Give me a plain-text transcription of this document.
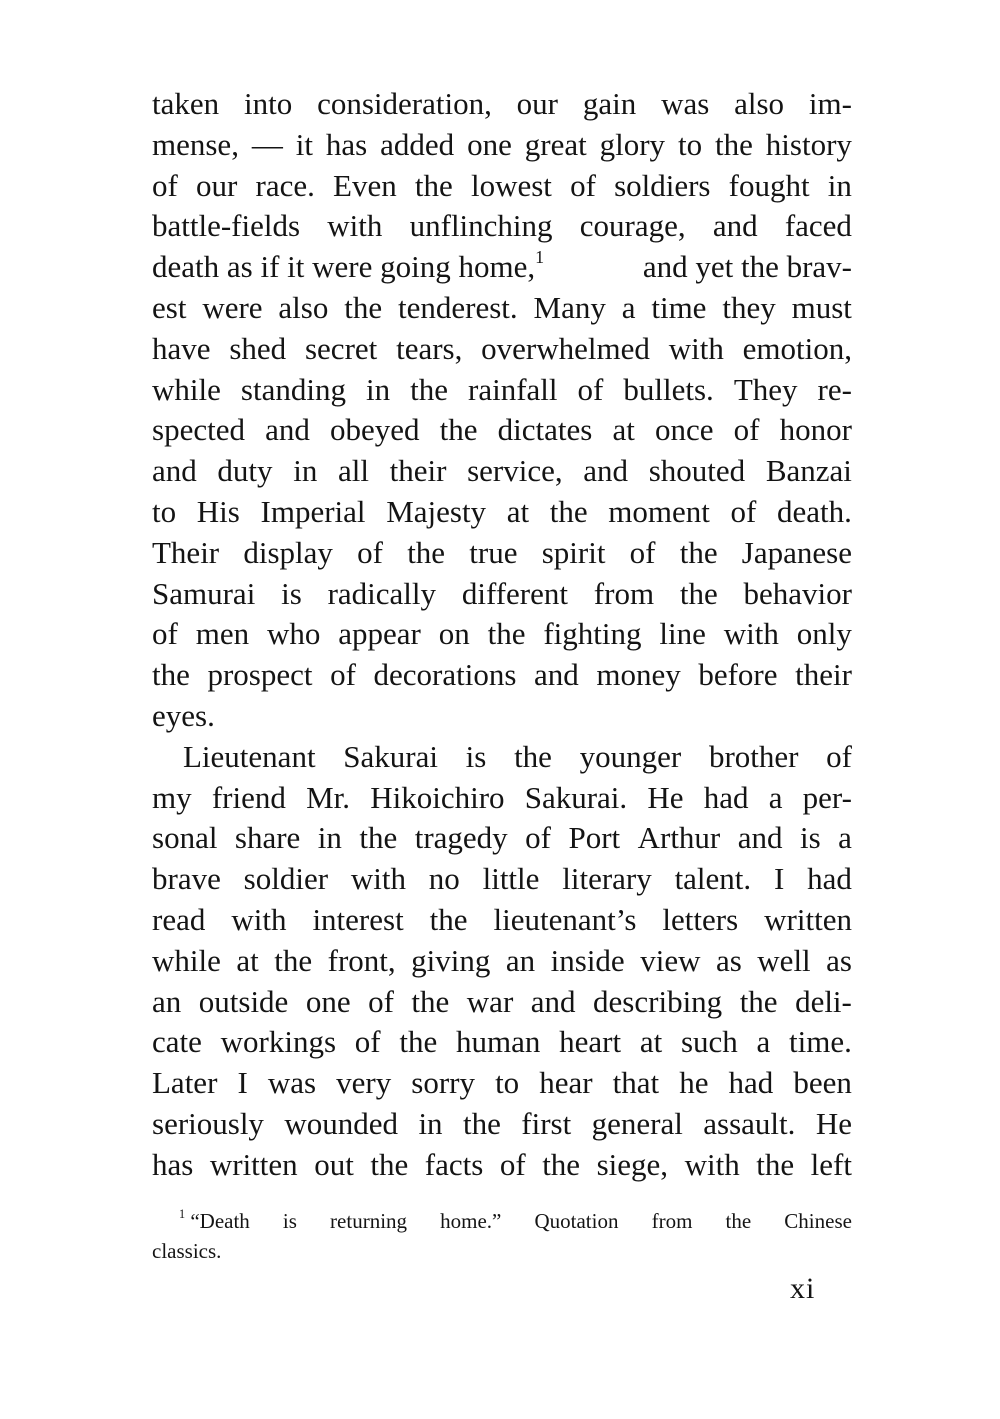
taken into consideration, our gain was also im-
mense, — it has added one great glory to the history
of our race. Even the lowest of soldiers fought in
battle-fields with unflinching courage, and faced
death as if it were going home,$^1$	and yet the brav-
est were also the tenderest. Many a time they must
have shed secret tears, overwhelmed with emotion,
while standing in the rainfall of bullets. They re-
spected and obeyed the dictates at once of honor
and duty in all their service, and shouted Banzai
to His Imperial Majesty at the moment of death.
Their display of the true spirit of the Japanese
Samurai is radically different from the behavior
of men who appear on the fighting line with only
the prospect of decorations and money before their
eyes.
Lieutenant Sakurai is the younger brother of
my friend Mr. Hikoichiro Sakurai. He had a per-
sonal share in the tragedy of Port Arthur and is a
brave soldier with no little literary talent. I had
read with interest the lieutenant’s letters written
while at the front, giving an inside view as well as
an outside one of the war and describing the deli-
cate workings of the human heart at such a time.
Later I was very sorry to hear that he had been
seriously wounded in the first general assault. He
has written out the facts of the siege, with the left
$^1$ “Death is returning home.” Quotation from the Chinese
classics.
xi
